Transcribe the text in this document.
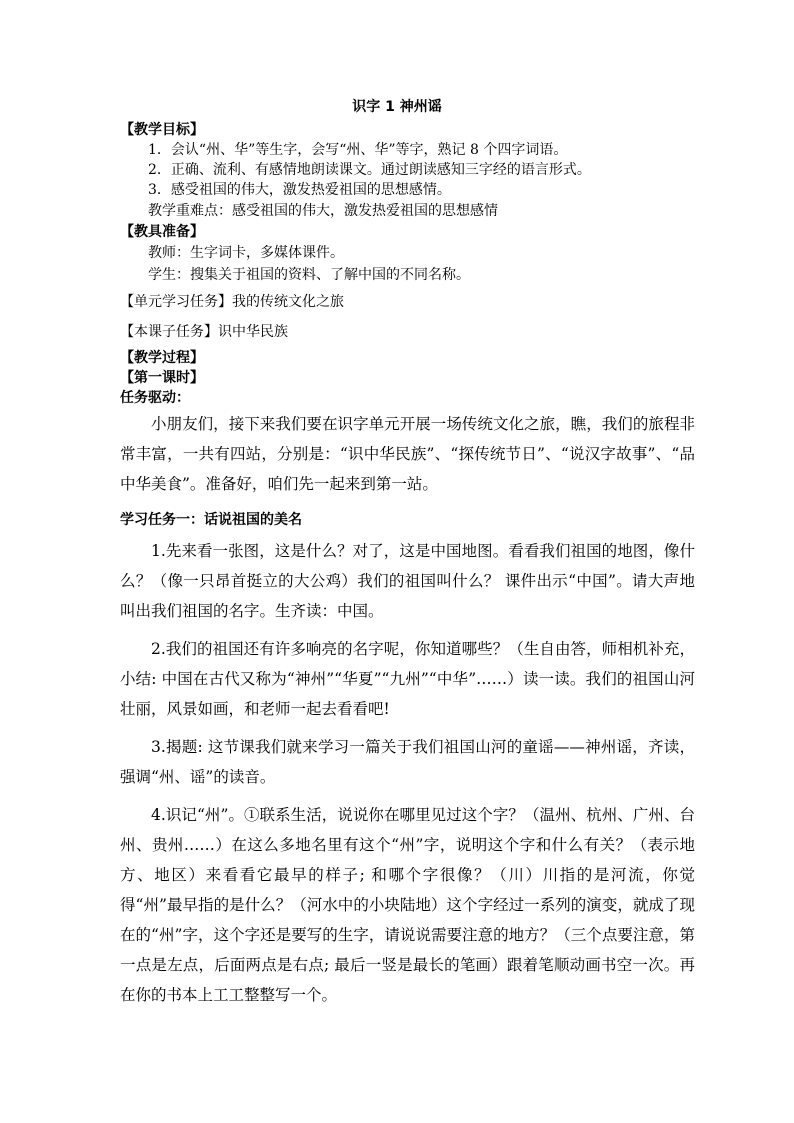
识字 1 神州谣
【教学目标】
1．会认“州、华”等生字，会写“州、华”等字，熟记 8 个四字词语。
2．正确、流利、有感情地朗读课文。通过朗读感知三字经的语言形式。
3．感受祖国的伟大，激发热爱祖国的思想感情。
教学重难点：感受祖国的伟大，激发热爱祖国的思想感情
【教具准备】
教师：生字词卡，多媒体课件。
学生：搜集关于祖国的资料、了解中国的不同名称。
【单元学习任务】我的传统文化之旅
【本课子任务】识中华民族
【教学过程】
【第一课时】
任务驱动：

小朋友们，接下来我们要在识字单元开展一场传统文化之旅，瞧，我们的旅程非常丰富，一共有四站，分别是：“识中华民族”、“探传统节日”、“说汉字故事”、“品中华美食”。准备好，咱们先一起来到第一站。

学习任务一：话说祖国的美名

1.先来看一张图，这是什么？对了，这是中国地图。看看我们祖国的地图，像什么？（像一只昂首挺立的大公鸡）我们的祖国叫什么？ 课件出示“中国”。请大声地叫出我们祖国的名字。生齐读：中国。

2.我们的祖国还有许多响亮的名字呢，你知道哪些？（生自由答，师相机补充，小结: 中国在古代又称为“神州”“华夏”“九州”“中华”……）读一读。我们的祖国山河壮丽，风景如画，和老师一起去看看吧!

3.揭题: 这节课我们就来学习一篇关于我们祖国山河的童谣——神州谣，齐读，强调“州、谣”的读音。

4.识记“州”。①联系生活，说说你在哪里见过这个字？（温州、杭州、广州、台州、贵州……）在这么多地名里有这个“州”字，说明这个字和什么有关？（表示地方、地区）来看看它最早的样子; 和哪个字很像？（川）川指的是河流，你觉得“州”最早指的是什么？（河水中的小块陆地）这个字经过一系列的演变，就成了现在的“州”字，这个字还是要写的生字，请说说需要注意的地方？（三个点要注意，第一点是左点，后面两点是右点; 最后一竖是最长的笔画）跟着笔顺动画书空一次。再在你的书本上工工整整写一个。
